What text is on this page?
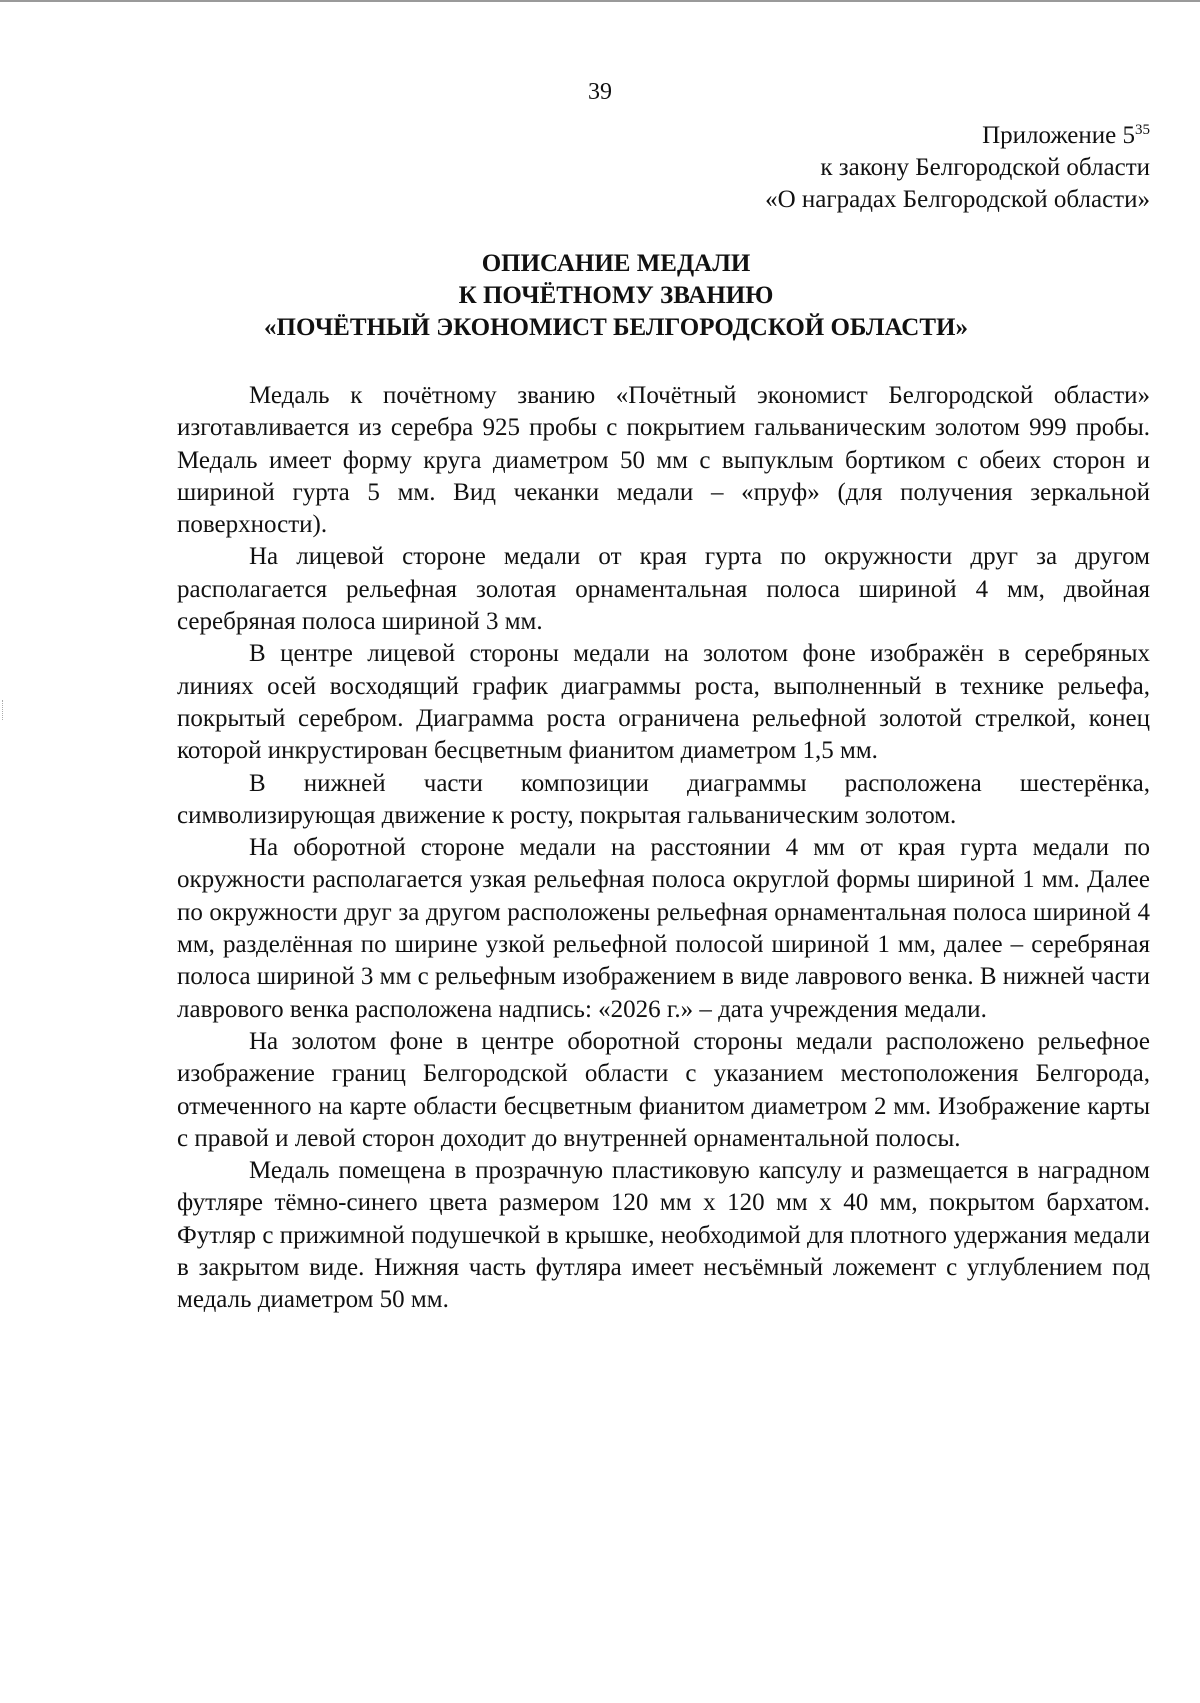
39
Приложение $5^{35}$
к закону Белгородской области
«О наградах Белгородской области»
ОПИСАНИЕ МЕДАЛИ
К ПОЧЁТНОМУ ЗВАНИЮ
«ПОЧЁТНЫЙ ЭКОНОМИСТ БЕЛГОРОДСКОЙ ОБЛАСТИ»

Медаль к почётному званию «Почётный экономист Белгородской области» изготавливается из серебра 925 пробы с покрытием гальваническим золотом 999 пробы. Медаль имеет форму круга диаметром 50 мм с выпуклым бортиком с обеих сторон и шириной гурта 5 мм. Вид чеканки медали – «пруф» (для получения зеркальной поверхности).

На лицевой стороне медали от края гурта по окружности друг за другом располагается рельефная золотая орнаментальная полоса шириной 4 мм, двойная серебряная полоса шириной 3 мм.

В центре лицевой стороны медали на золотом фоне изображён в серебряных линиях осей восходящий график диаграммы роста, выполненный в технике рельефа, покрытый серебром. Диаграмма роста ограничена рельефной золотой стрелкой, конец которой инкрустирован бесцветным фианитом диаметром 1,5 мм.

В нижней части композиции диаграммы расположена шестерёнка, символизирующая движение к росту, покрытая гальваническим золотом.

На оборотной стороне медали на расстоянии 4 мм от края гурта медали по окружности располагается узкая рельефная полоса округлой формы шириной 1 мм. Далее по окружности друг за другом расположены рельефная орнаментальная полоса шириной 4 мм, разделённая по ширине узкой рельефной полосой шириной 1 мм, далее – серебряная полоса шириной 3 мм с рельефным изображением в виде лаврового венка. В нижней части лаврового венка расположена надпись: «2026 г.» – дата учреждения медали.

На золотом фоне в центре оборотной стороны медали расположено рельефное изображение границ Белгородской области с указанием местоположения Белгорода, отмеченного на карте области бесцветным фианитом диаметром 2 мм. Изображение карты с правой и левой сторон доходит до внутренней орнаментальной полосы.

Медаль помещена в прозрачную пластиковую капсулу и размещается в наградном футляре тёмно-синего цвета размером 120 мм х 120 мм х 40 мм, покрытом бархатом. Футляр с прижимной подушечкой в крышке, необходимой для плотного удержания медали в закрытом виде. Нижняя часть футляра имеет несъёмный ложемент с углублением под медаль диаметром 50 мм.
